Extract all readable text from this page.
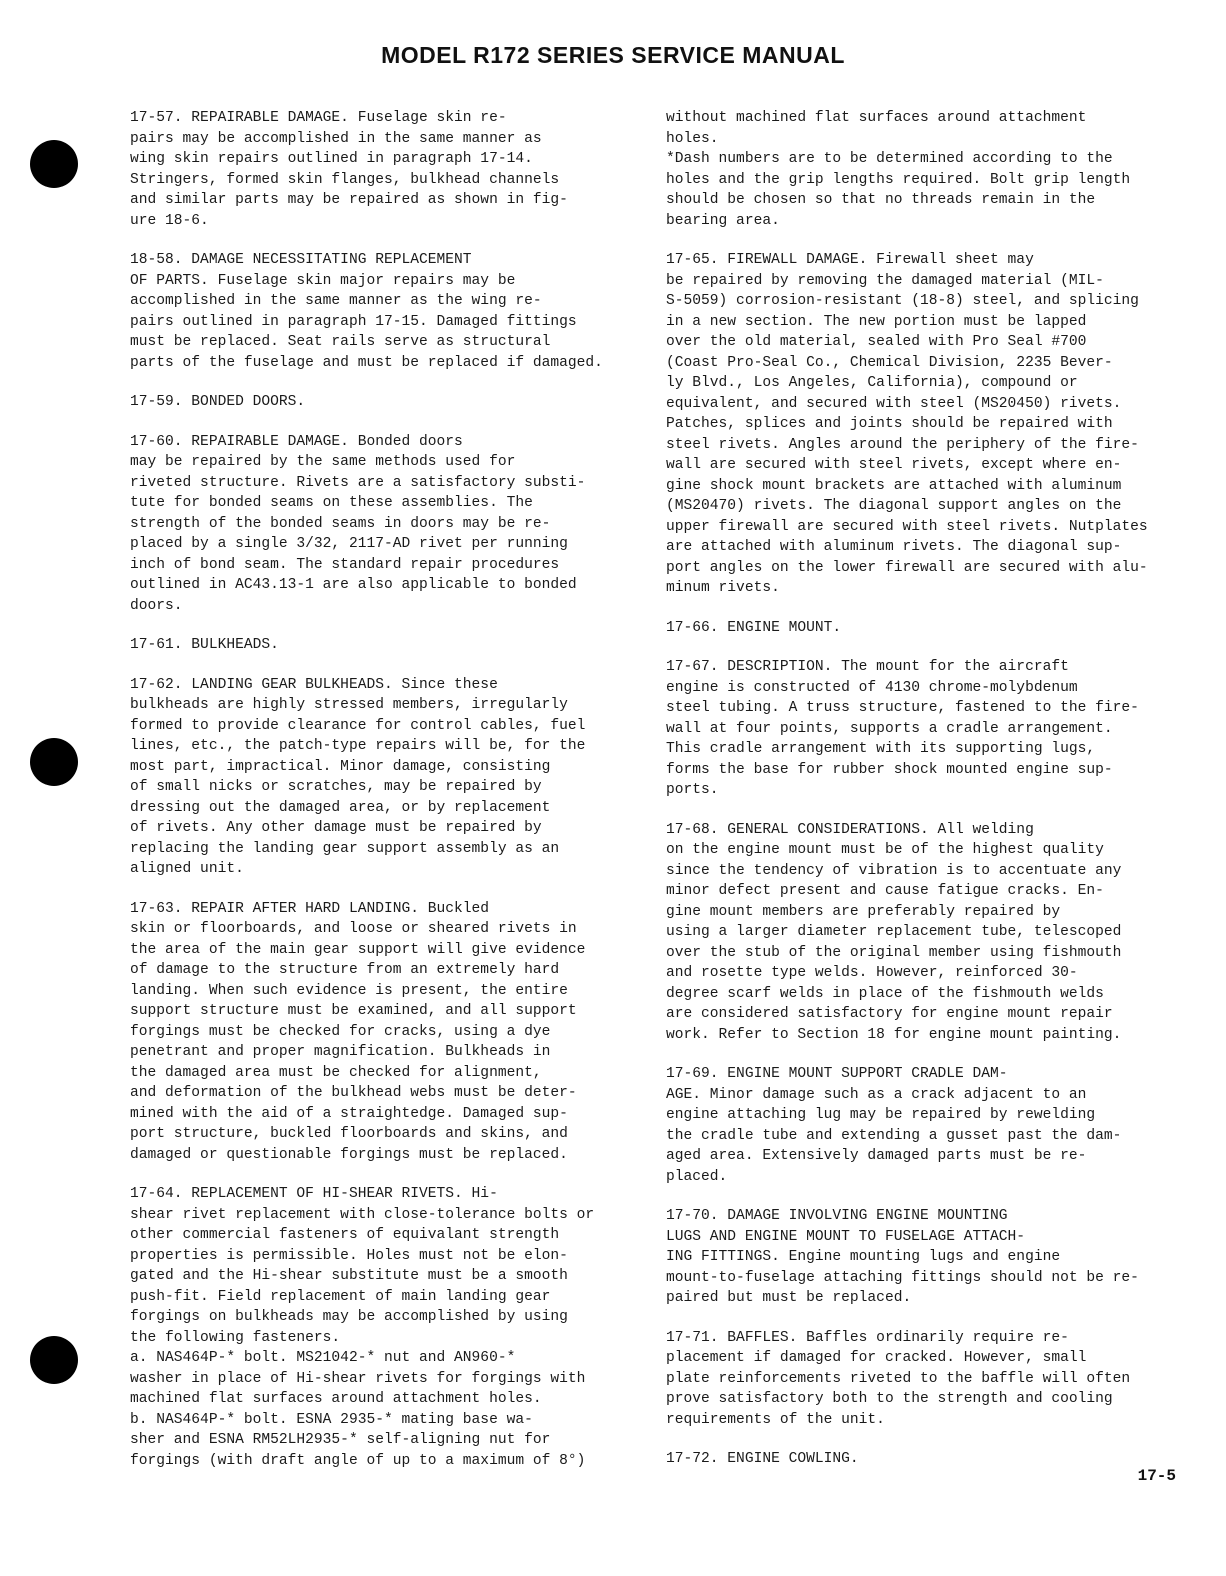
MODEL R172 SERIES SERVICE MANUAL

17-57. REPAIRABLE DAMAGE. Fuselage skin re-
pairs may be accomplished in the same manner as
wing skin repairs outlined in paragraph 17-14.
Stringers, formed skin flanges, bulkhead channels
and similar parts may be repaired as shown in fig-
ure 18-6.

18-58. DAMAGE NECESSITATING REPLACEMENT
OF PARTS. Fuselage skin major repairs may be
accomplished in the same manner as the wing re-
pairs outlined in paragraph 17-15. Damaged fittings
must be replaced. Seat rails serve as structural
parts of the fuselage and must be replaced if damaged.

17-59. BONDED DOORS.

17-60. REPAIRABLE DAMAGE. Bonded doors
may be repaired by the same methods used for
riveted structure. Rivets are a satisfactory substi-
tute for bonded seams on these assemblies. The
strength of the bonded seams in doors may be re-
placed by a single 3/32, 2117-AD rivet per running
inch of bond seam. The standard repair procedures
outlined in AC43.13-1 are also applicable to bonded
doors.

17-61. BULKHEADS.

17-62. LANDING GEAR BULKHEADS. Since these
bulkheads are highly stressed members, irregularly
formed to provide clearance for control cables, fuel
lines, etc., the patch-type repairs will be, for the
most part, impractical. Minor damage, consisting
of small nicks or scratches, may be repaired by
dressing out the damaged area, or by replacement
of rivets. Any other damage must be repaired by
replacing the landing gear support assembly as an
aligned unit.

17-63. REPAIR AFTER HARD LANDING. Buckled
skin or floorboards, and loose or sheared rivets in
the area of the main gear support will give evidence
of damage to the structure from an extremely hard
landing. When such evidence is present, the entire
support structure must be examined, and all support
forgings must be checked for cracks, using a dye
penetrant and proper magnification. Bulkheads in
the damaged area must be checked for alignment,
and deformation of the bulkhead webs must be deter-
mined with the aid of a straightedge. Damaged sup-
port structure, buckled floorboards and skins, and
damaged or questionable forgings must be replaced.

17-64. REPLACEMENT OF HI-SHEAR RIVETS. Hi-
shear rivet replacement with close-tolerance bolts or
other commercial fasteners of equivalant strength
properties is permissible. Holes must not be elon-
gated and the Hi-shear substitute must be a smooth
push-fit. Field replacement of main landing gear
forgings on bulkheads may be accomplished by using
the following fasteners.
a. NAS464P-* bolt. MS21042-* nut and AN960-*
washer in place of Hi-shear rivets for forgings with
machined flat surfaces around attachment holes.
b. NAS464P-* bolt. ESNA 2935-* mating base wa-
sher and ESNA RM52LH2935-* self-aligning nut for
forgings (with draft angle of up to a maximum of 8°)

without machined flat surfaces around attachment
holes.
*Dash numbers are to be determined according to the
holes and the grip lengths required. Bolt grip length
should be chosen so that no threads remain in the
bearing area.

17-65. FIREWALL DAMAGE. Firewall sheet may
be repaired by removing the damaged material (MIL-
S-5059) corrosion-resistant (18-8) steel, and splicing
in a new section. The new portion must be lapped
over the old material, sealed with Pro Seal #700
(Coast Pro-Seal Co., Chemical Division, 2235 Bever-
ly Blvd., Los Angeles, California), compound or
equivalent, and secured with steel (MS20450) rivets.
Patches, splices and joints should be repaired with
steel rivets. Angles around the periphery of the fire-
wall are secured with steel rivets, except where en-
gine shock mount brackets are attached with aluminum
(MS20470) rivets. The diagonal support angles on the
upper firewall are secured with steel rivets. Nutplates
are attached with aluminum rivets. The diagonal sup-
port angles on the lower firewall are secured with alu-
minum rivets.

17-66. ENGINE MOUNT.

17-67. DESCRIPTION. The mount for the aircraft
engine is constructed of 4130 chrome-molybdenum
steel tubing. A truss structure, fastened to the fire-
wall at four points, supports a cradle arrangement.
This cradle arrangement with its supporting lugs,
forms the base for rubber shock mounted engine sup-
ports.

17-68. GENERAL CONSIDERATIONS. All welding
on the engine mount must be of the highest quality
since the tendency of vibration is to accentuate any
minor defect present and cause fatigue cracks. En-
gine mount members are preferably repaired by
using a larger diameter replacement tube, telescoped
over the stub of the original member using fishmouth
and rosette type welds. However, reinforced 30-
degree scarf welds in place of the fishmouth welds
are considered satisfactory for engine mount repair
work. Refer to Section 18 for engine mount painting.

17-69. ENGINE MOUNT SUPPORT CRADLE DAM-
AGE. Minor damage such as a crack adjacent to an
engine attaching lug may be repaired by rewelding
the cradle tube and extending a gusset past the dam-
aged area. Extensively damaged parts must be re-
placed.

17-70. DAMAGE INVOLVING ENGINE MOUNTING
LUGS AND ENGINE MOUNT TO FUSELAGE ATTACH-
ING FITTINGS. Engine mounting lugs and engine
mount-to-fuselage attaching fittings should not be re-
paired but must be replaced.

17-71. BAFFLES. Baffles ordinarily require re-
placement if damaged for cracked. However, small
plate reinforcements riveted to the baffle will often
prove satisfactory both to the strength and cooling
requirements of the unit.

17-72. ENGINE COWLING.

17-5
